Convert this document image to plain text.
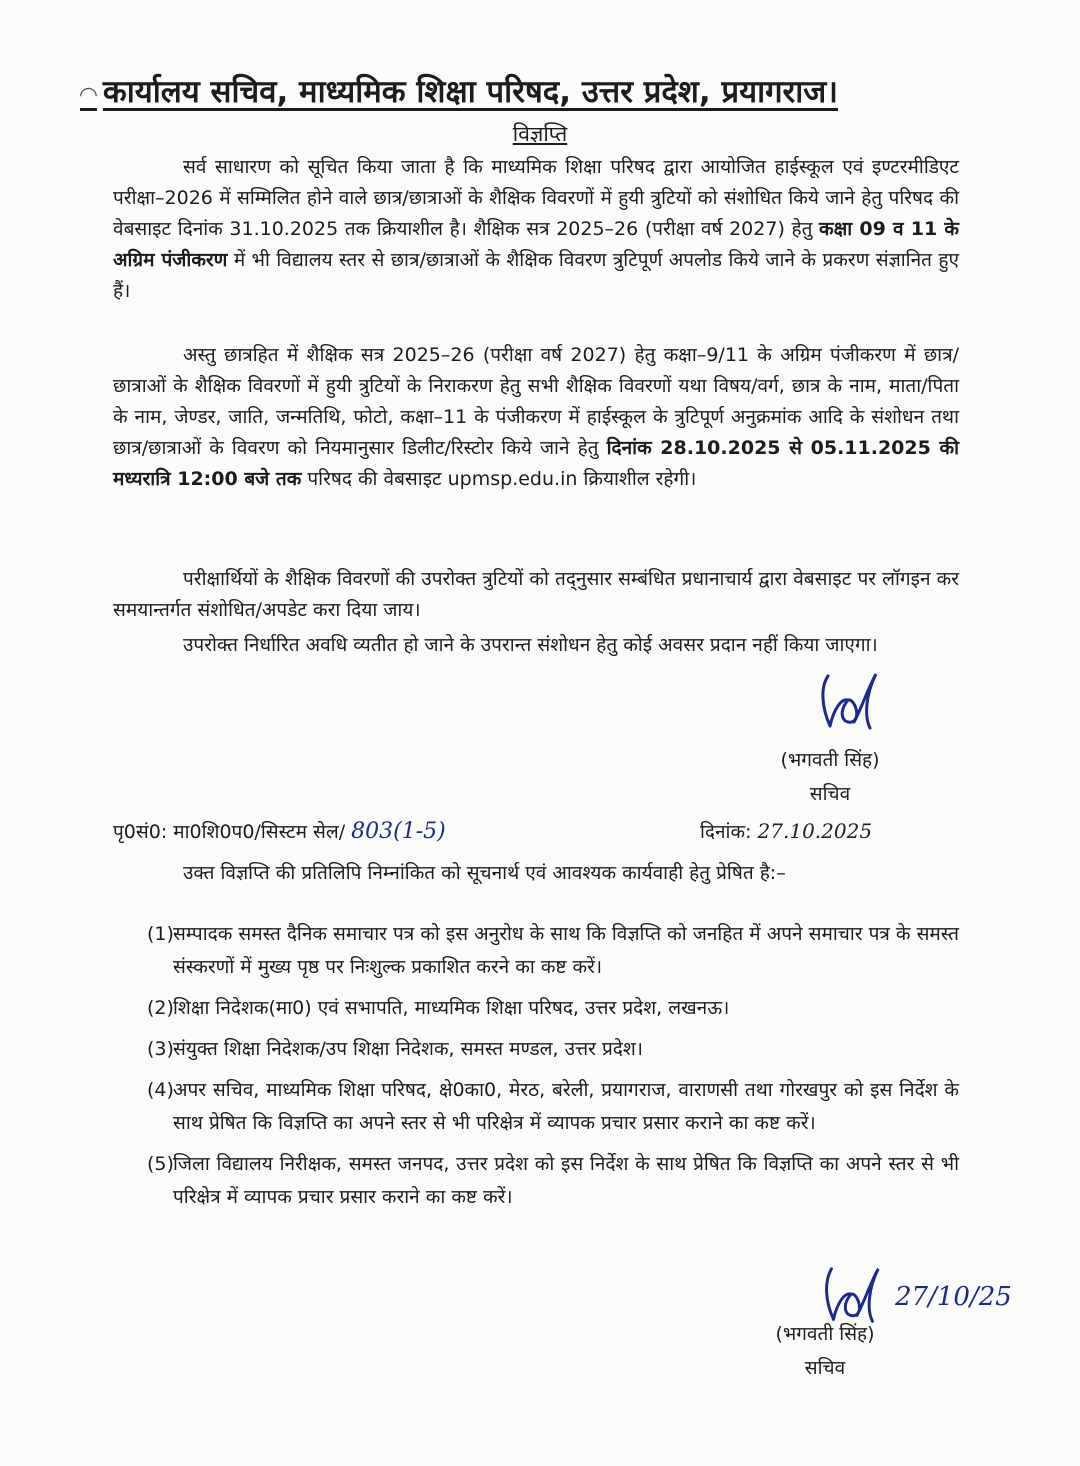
◠ कार्यालय सचिव, माध्यमिक शिक्षा परिषद, उत्तर प्रदेश, प्रयागराज।
विज्ञप्ति

सर्व साधारण को सूचित किया जाता है कि माध्यमिक शिक्षा परिषद द्वारा आयोजित हाईस्कूल एवं इण्टरमीडिएट परीक्षा–2026 में सम्मिलित होने वाले छात्र/छात्राओं के शैक्षिक विवरणों में हुयी त्रुटियों को संशोधित किये जाने हेतु परिषद की वेबसाइट दिनांक 31.10.2025 तक क्रियाशील है। शैक्षिक सत्र 2025–26 (परीक्षा वर्ष 2027) हेतु कक्षा 09 व 11 के अग्रिम पंजीकरण में भी विद्यालय स्तर से छात्र/छात्राओं के शैक्षिक विवरण त्रुटिपूर्ण अपलोड किये जाने के प्रकरण संज्ञानित हुए हैं।

अस्तु छात्रहित में शैक्षिक सत्र 2025–26 (परीक्षा वर्ष 2027) हेतु कक्षा–9/11 के अग्रिम पंजीकरण में छात्र/छात्राओं के शैक्षिक विवरणों में हुयी त्रुटियों के निराकरण हेतु सभी शैक्षिक विवरणों यथा विषय/वर्ग, छात्र के नाम, माता/पिता के नाम, जेण्डर, जाति, जन्मतिथि, फोटो, कक्षा–11 के पंजीकरण में हाईस्कूल के त्रुटिपूर्ण अनुक्रमांक आदि के संशोधन तथा छात्र/छात्राओं के विवरण को नियमानुसार डिलीट/रिस्टोर किये जाने हेतु दिनांक 28.10.2025 से 05.11.2025 की मध्यरात्रि 12:00 बजे तक परिषद की वेबसाइट upmsp.edu.in क्रियाशील रहेगी।

परीक्षार्थियों के शैक्षिक विवरणों की उपरोक्त त्रुटियों को तद्नुसार सम्बंधित प्रधानाचार्य द्वारा वेबसाइट पर लॉगइन कर समयान्तर्गत संशोधित/अपडेट करा दिया जाय।

उपरोक्त निर्धारित अवधि व्यतीत हो जाने के उपरान्त संशोधन हेतु कोई अवसर प्रदान नहीं किया जाएगा।

(भगवती सिंह)
सचिव
पृ0सं0: मा0शि0प0/सिस्टम सेल/ 803(1-5)	दिनांक: 27.10.2025

उक्त विज्ञप्ति की प्रतिलिपि निम्नांकित को सूचनार्थ एवं आवश्यक कार्यवाही हेतु प्रेषित है:–

(1) सम्पादक समस्त दैनिक समाचार पत्र को इस अनुरोध के साथ कि विज्ञप्ति को जनहित में अपने समाचार पत्र के समस्त संस्करणों में मुख्य पृष्ठ पर निःशुल्क प्रकाशित करने का कष्ट करें।
(2) शिक्षा निदेशक(मा0) एवं सभापति, माध्यमिक शिक्षा परिषद, उत्तर प्रदेश, लखनऊ।
(3) संयुक्त शिक्षा निदेशक/उप शिक्षा निदेशक, समस्त मण्डल, उत्तर प्रदेश।
(4) अपर सचिव, माध्यमिक शिक्षा परिषद, क्षे0का0, मेरठ, बरेली, प्रयागराज, वाराणसी तथा गोरखपुर को इस निर्देश के साथ प्रेषित कि विज्ञप्ति का अपने स्तर से भी परिक्षेत्र में व्यापक प्रचार प्रसार कराने का कष्ट करें।
(5) जिला विद्यालय निरीक्षक, समस्त जनपद, उत्तर प्रदेश को इस निर्देश के साथ प्रेषित कि विज्ञप्ति का अपने स्तर से भी परिक्षेत्र में व्यापक प्रचार प्रसार कराने का कष्ट करें।
27/10/25
(भगवती सिंह)
सचिव
